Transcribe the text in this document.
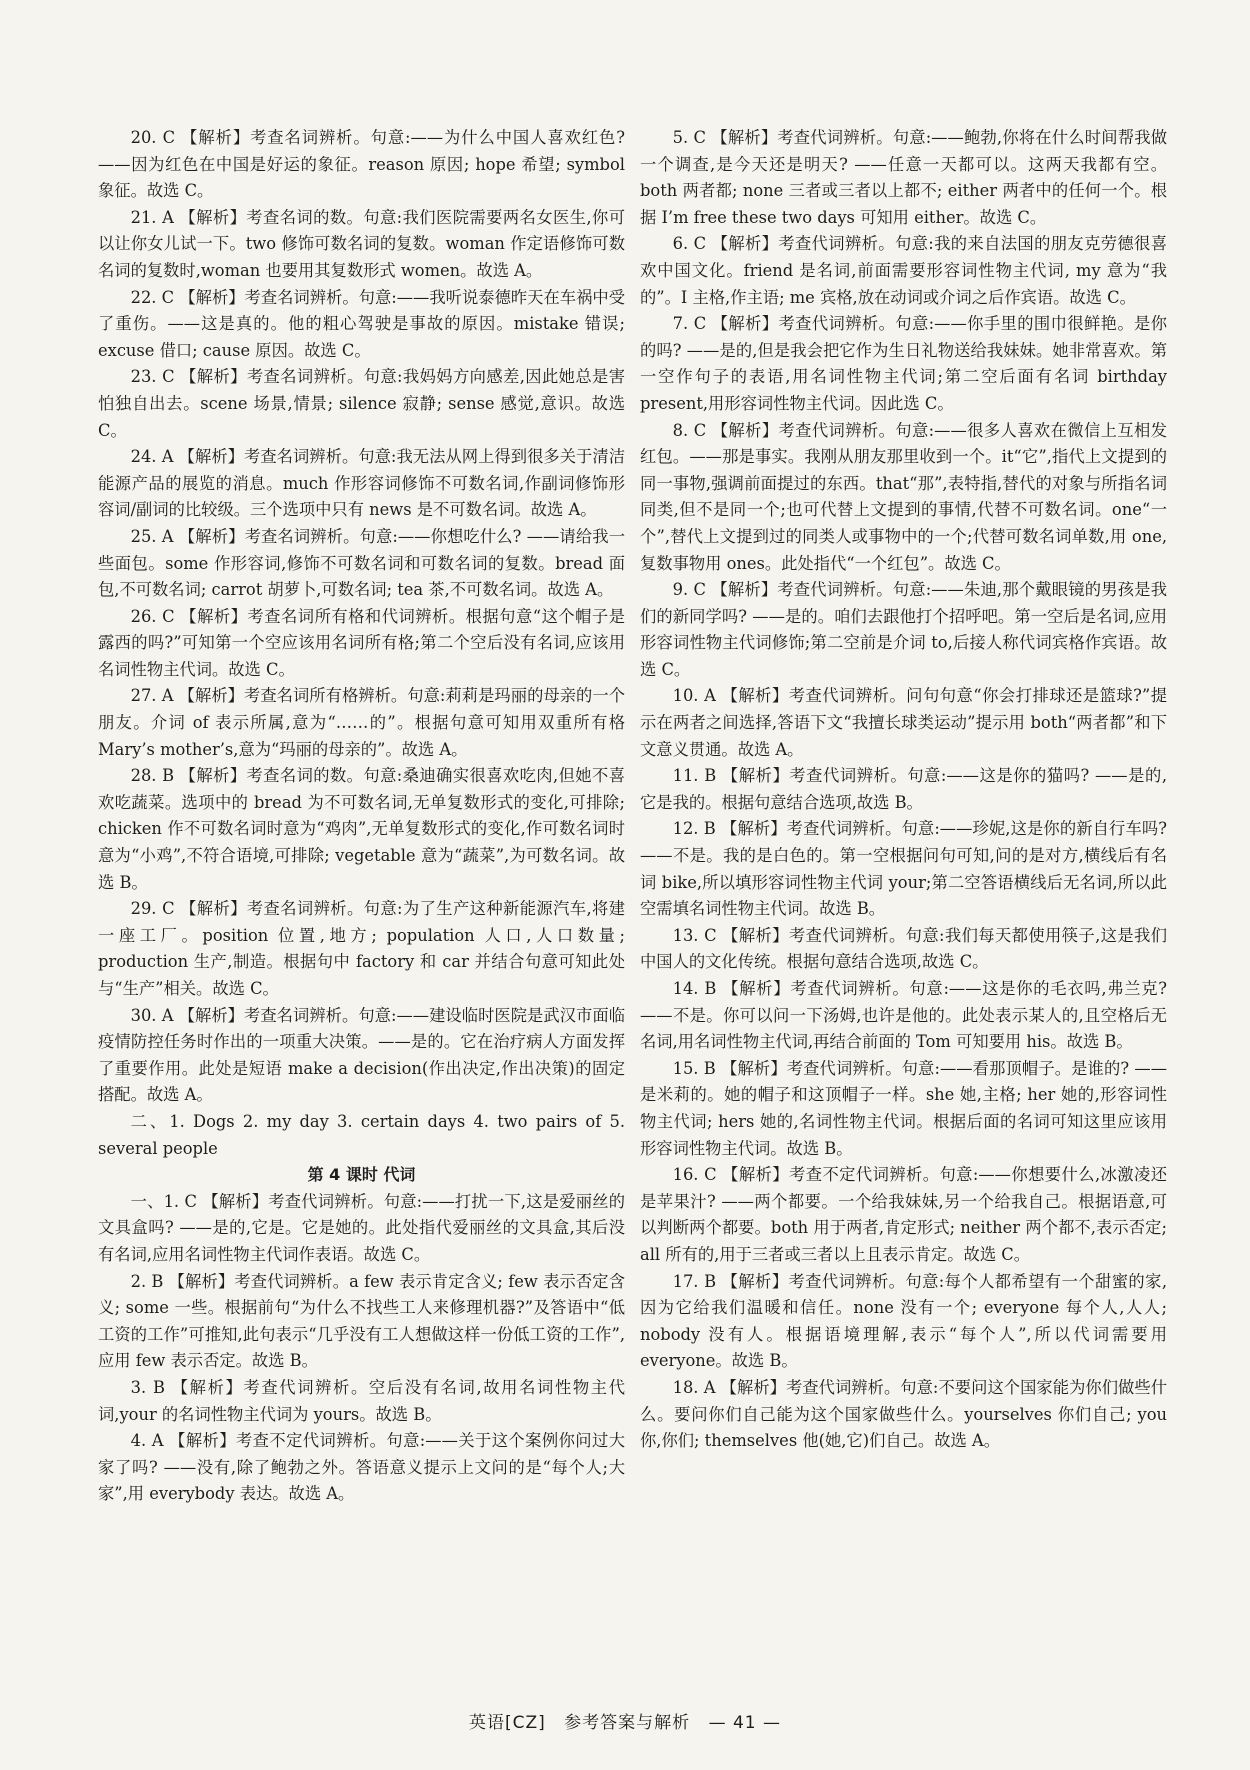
20. C 【解析】考查名词辨析。句意:——为什么中国人喜欢红色? ——因为红色在中国是好运的象征。reason 原因; hope 希望; symbol 象征。故选 C。

21. A 【解析】考查名词的数。句意:我们医院需要两名女医生,你可以让你女儿试一下。two 修饰可数名词的复数。woman 作定语修饰可数名词的复数时,woman 也要用其复数形式 women。故选 A。

22. C 【解析】考查名词辨析。句意:——我听说泰德昨天在车祸中受了重伤。——这是真的。他的粗心驾驶是事故的原因。mistake 错误; excuse 借口; cause 原因。故选 C。

23. C 【解析】考查名词辨析。句意:我妈妈方向感差,因此她总是害怕独自出去。scene 场景,情景; silence 寂静; sense 感觉,意识。故选 C。

24. A 【解析】考查名词辨析。句意:我无法从网上得到很多关于清洁能源产品的展览的消息。much 作形容词修饰不可数名词,作副词修饰形容词/副词的比较级。三个选项中只有 news 是不可数名词。故选 A。

25. A 【解析】考查名词辨析。句意:——你想吃什么? ——请给我一些面包。some 作形容词,修饰不可数名词和可数名词的复数。bread 面包,不可数名词; carrot 胡萝卜,可数名词; tea 茶,不可数名词。故选 A。

26. C 【解析】考查名词所有格和代词辨析。根据句意“这个帽子是露西的吗?”可知第一个空应该用名词所有格;第二个空后没有名词,应该用名词性物主代词。故选 C。

27. A 【解析】考查名词所有格辨析。句意:莉莉是玛丽的母亲的一个朋友。介词 of 表示所属,意为“……的”。根据句意可知用双重所有格 Mary’s mother’s,意为“玛丽的母亲的”。故选 A。

28. B 【解析】考查名词的数。句意:桑迪确实很喜欢吃肉,但她不喜欢吃蔬菜。选项中的 bread 为不可数名词,无单复数形式的变化,可排除; chicken 作不可数名词时意为“鸡肉”,无单复数形式的变化,作可数名词时意为“小鸡”,不符合语境,可排除; vegetable 意为“蔬菜”,为可数名词。故选 B。

29. C 【解析】考查名词辨析。句意:为了生产这种新能源汽车,将建一座工厂。position 位置,地方; population 人口,人口数量; production 生产,制造。根据句中 factory 和 car 并结合句意可知此处与“生产”相关。故选 C。

30. A 【解析】考查名词辨析。句意:——建设临时医院是武汉市面临疫情防控任务时作出的一项重大决策。——是的。它在治疗病人方面发挥了重要作用。此处是短语 make a decision(作出决定,作出决策)的固定搭配。故选 A。

二、1. Dogs 2. my day 3. certain days 4. two pairs of 5. several people

第 4 课时 代词

一、1. C 【解析】考查代词辨析。句意:——打扰一下,这是爱丽丝的文具盒吗? ——是的,它是。它是她的。此处指代爱丽丝的文具盒,其后没有名词,应用名词性物主代词作表语。故选 C。

2. B 【解析】考查代词辨析。a few 表示肯定含义; few 表示否定含义; some 一些。根据前句“为什么不找些工人来修理机器?”及答语中“低工资的工作”可推知,此句表示“几乎没有工人想做这样一份低工资的工作”,应用 few 表示否定。故选 B。

3. B 【解析】考查代词辨析。空后没有名词,故用名词性物主代词,your 的名词性物主代词为 yours。故选 B。

4. A 【解析】考查不定代词辨析。句意:——关于这个案例你问过大家了吗? ——没有,除了鲍勃之外。答语意义提示上文问的是“每个人;大家”,用 everybody 表达。故选 A。

5. C 【解析】考查代词辨析。句意:——鲍勃,你将在什么时间帮我做一个调查,是今天还是明天? ——任意一天都可以。这两天我都有空。both 两者都; none 三者或三者以上都不; either 两者中的任何一个。根据 I’m free these two days 可知用 either。故选 C。

6. C 【解析】考查代词辨析。句意:我的来自法国的朋友克劳德很喜欢中国文化。friend 是名词,前面需要形容词性物主代词, my 意为“我的”。I 主格,作主语; me 宾格,放在动词或介词之后作宾语。故选 C。

7. C 【解析】考查代词辨析。句意:——你手里的围巾很鲜艳。是你的吗? ——是的,但是我会把它作为生日礼物送给我妹妹。她非常喜欢。第一空作句子的表语,用名词性物主代词;第二空后面有名词 birthday present,用形容词性物主代词。因此选 C。

8. C 【解析】考查代词辨析。句意:——很多人喜欢在微信上互相发红包。——那是事实。我刚从朋友那里收到一个。it“它”,指代上文提到的同一事物,强调前面提过的东西。that“那”,表特指,替代的对象与所指名词同类,但不是同一个;也可代替上文提到的事情,代替不可数名词。one“一个”,替代上文提到过的同类人或事物中的一个;代替可数名词单数,用 one,复数事物用 ones。此处指代“一个红包”。故选 C。

9. C 【解析】考查代词辨析。句意:——朱迪,那个戴眼镜的男孩是我们的新同学吗? ——是的。咱们去跟他打个招呼吧。第一空后是名词,应用形容词性物主代词修饰;第二空前是介词 to,后接人称代词宾格作宾语。故选 C。

10. A 【解析】考查代词辨析。问句句意“你会打排球还是篮球?”提示在两者之间选择,答语下文“我擅长球类运动”提示用 both“两者都”和下文意义贯通。故选 A。

11. B 【解析】考查代词辨析。句意:——这是你的猫吗? ——是的,它是我的。根据句意结合选项,故选 B。

12. B 【解析】考查代词辨析。句意:——珍妮,这是你的新自行车吗? ——不是。我的是白色的。第一空根据问句可知,问的是对方,横线后有名词 bike,所以填形容词性物主代词 your;第二空答语横线后无名词,所以此空需填名词性物主代词。故选 B。

13. C 【解析】考查代词辨析。句意:我们每天都使用筷子,这是我们中国人的文化传统。根据句意结合选项,故选 C。

14. B 【解析】考查代词辨析。句意:——这是你的毛衣吗,弗兰克? ——不是。你可以问一下汤姆,也许是他的。此处表示某人的,且空格后无名词,用名词性物主代词,再结合前面的 Tom 可知要用 his。故选 B。

15. B 【解析】考查代词辨析。句意:——看那顶帽子。是谁的? ——是米莉的。她的帽子和这顶帽子一样。she 她,主格; her 她的,形容词性物主代词; hers 她的,名词性物主代词。根据后面的名词可知这里应该用形容词性物主代词。故选 B。

16. C 【解析】考查不定代词辨析。句意:——你想要什么,冰激凌还是苹果汁? ——两个都要。一个给我妹妹,另一个给我自己。根据语意,可以判断两个都要。both 用于两者,肯定形式; neither 两个都不,表示否定; all 所有的,用于三者或三者以上且表示肯定。故选 C。

17. B 【解析】考查代词辨析。句意:每个人都希望有一个甜蜜的家,因为它给我们温暖和信任。none 没有一个; everyone 每个人,人人; nobody 没有人。根据语境理解,表示“每个人”,所以代词需要用 everyone。故选 B。

18. A 【解析】考查代词辨析。句意:不要问这个国家能为你们做些什么。要问你们自己能为这个国家做些什么。yourselves 你们自己; you 你,你们; themselves 他(她,它)们自己。故选 A。

英语[CZ] 参考答案与解析 — 41 —
